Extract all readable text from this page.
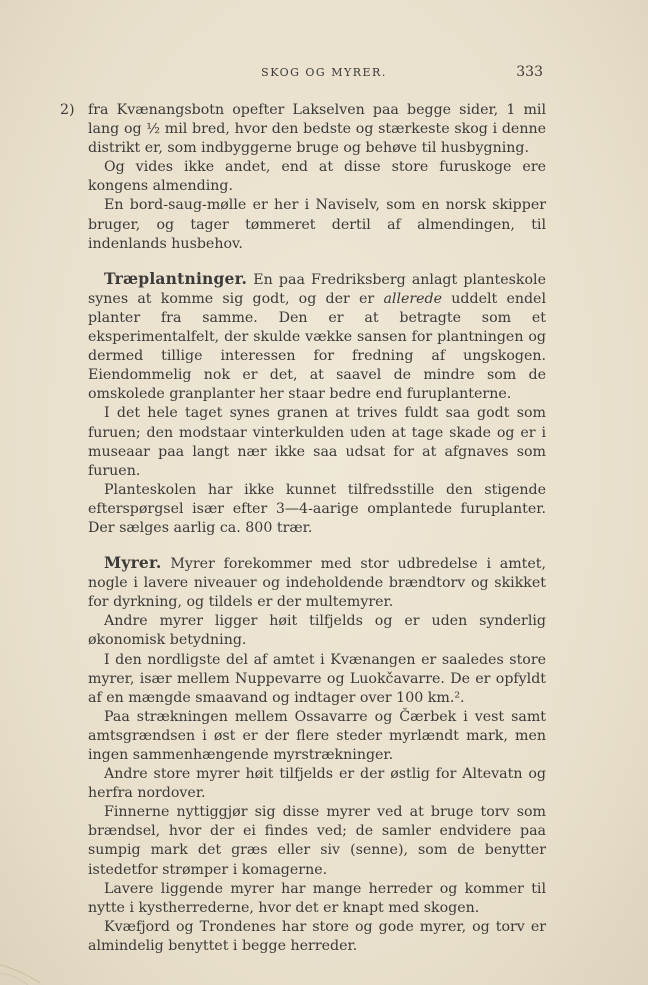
SKOG OG MYRER.	333

2) fra Kvænangsbotn opefter Lakselven paa begge sider, 1 mil lang og ½ mil bred, hvor den bedste og stærkeste skog i denne distrikt er, som indbyggerne bruge og behøve til husbygning.

Og vides ikke andet, end at disse store furuskoge ere kongens almending.

En bord-saug-mølle er her i Naviselv, som en norsk skipper bruger, og tager tømmeret dertil af almendingen, til indenlands husbehov.

Træplantninger. En paa Fredriksberg anlagt planteskole synes at komme sig godt, og der er allerede uddelt endel planter fra samme. Den er at betragte som et eksperimentalfelt, der skulde vække sansen for plantningen og dermed tillige interessen for fredning af ungskogen. Eiendommelig nok er det, at saavel de mindre som de omskolede granplanter her staar bedre end furuplanterne.

I det hele taget synes granen at trives fuldt saa godt som furuen; den modstaar vinterkulden uden at tage skade og er i museaar paa langt nær ikke saa udsat for at afgnaves som furuen.

Planteskolen har ikke kunnet tilfredsstille den stigende efterspørgsel især efter 3—4-aarige omplantede furuplanter. Der sælges aarlig ca. 800 trær.

Myrer. Myrer forekommer med stor udbredelse i amtet, nogle i lavere niveauer og indeholdende brændtorv og skikket for dyrkning, og tildels er der multemyrer.

Andre myrer ligger høit tilfjelds og er uden synderlig økonomisk betydning.

I den nordligste del af amtet i Kvænangen er saaledes store myrer, især mellem Nuppevarre og Luokčavarre. De er opfyldt af en mængde smaavand og indtager over 100 km.².

Paa strækningen mellem Ossavarre og Čærbek i vest samt amtsgrændsen i øst er der flere steder myrlændt mark, men ingen sammenhængende myrstrækninger.

Andre store myrer høit tilfjelds er der østlig for Altevatn og herfra nordover.

Finnerne nyttiggjør sig disse myrer ved at bruge torv som brændsel, hvor der ei findes ved; de samler endvidere paa sumpig mark det græs eller siv (senne), som de benytter istedetfor strømper i komagerne.

Lavere liggende myrer har mange herreder og kommer til nytte i kystherrederne, hvor det er knapt med skogen.

Kvæfjord og Trondenes har store og gode myrer, og torv er almindelig benyttet i begge herreder.
